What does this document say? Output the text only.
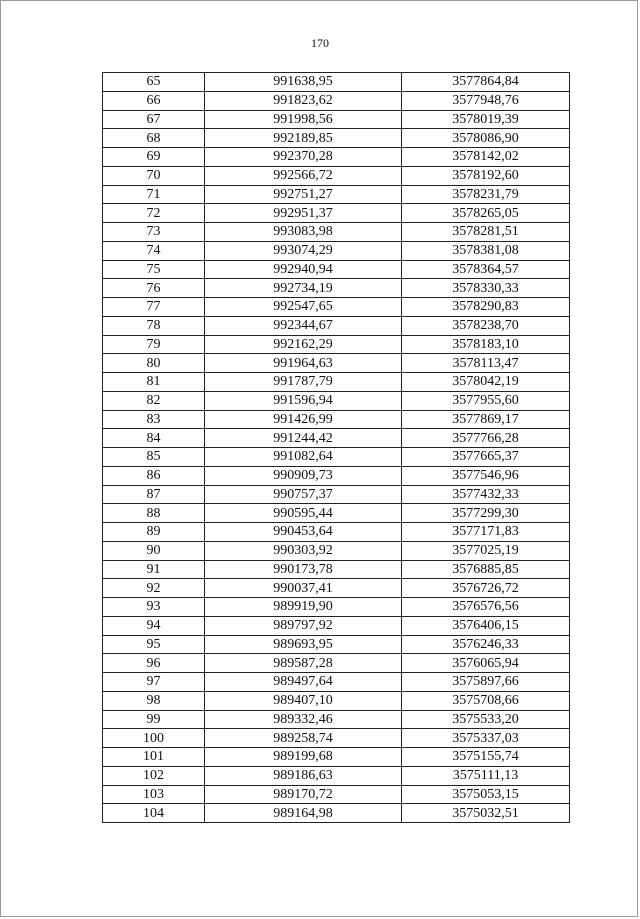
170
65	991638,95	3577864,84
66	991823,62	3577948,76
67	991998,56	3578019,39
68	992189,85	3578086,90
69	992370,28	3578142,02
70	992566,72	3578192,60
71	992751,27	3578231,79
72	992951,37	3578265,05
73	993083,98	3578281,51
74	993074,29	3578381,08
75	992940,94	3578364,57
76	992734,19	3578330,33
77	992547,65	3578290,83
78	992344,67	3578238,70
79	992162,29	3578183,10
80	991964,63	3578113,47
81	991787,79	3578042,19
82	991596,94	3577955,60
83	991426,99	3577869,17
84	991244,42	3577766,28
85	991082,64	3577665,37
86	990909,73	3577546,96
87	990757,37	3577432,33
88	990595,44	3577299,30
89	990453,64	3577171,83
90	990303,92	3577025,19
91	990173,78	3576885,85
92	990037,41	3576726,72
93	989919,90	3576576,56
94	989797,92	3576406,15
95	989693,95	3576246,33
96	989587,28	3576065,94
97	989497,64	3575897,66
98	989407,10	3575708,66
99	989332,46	3575533,20
100	989258,74	3575337,03
101	989199,68	3575155,74
102	989186,63	3575111,13
103	989170,72	3575053,15
104	989164,98	3575032,51
